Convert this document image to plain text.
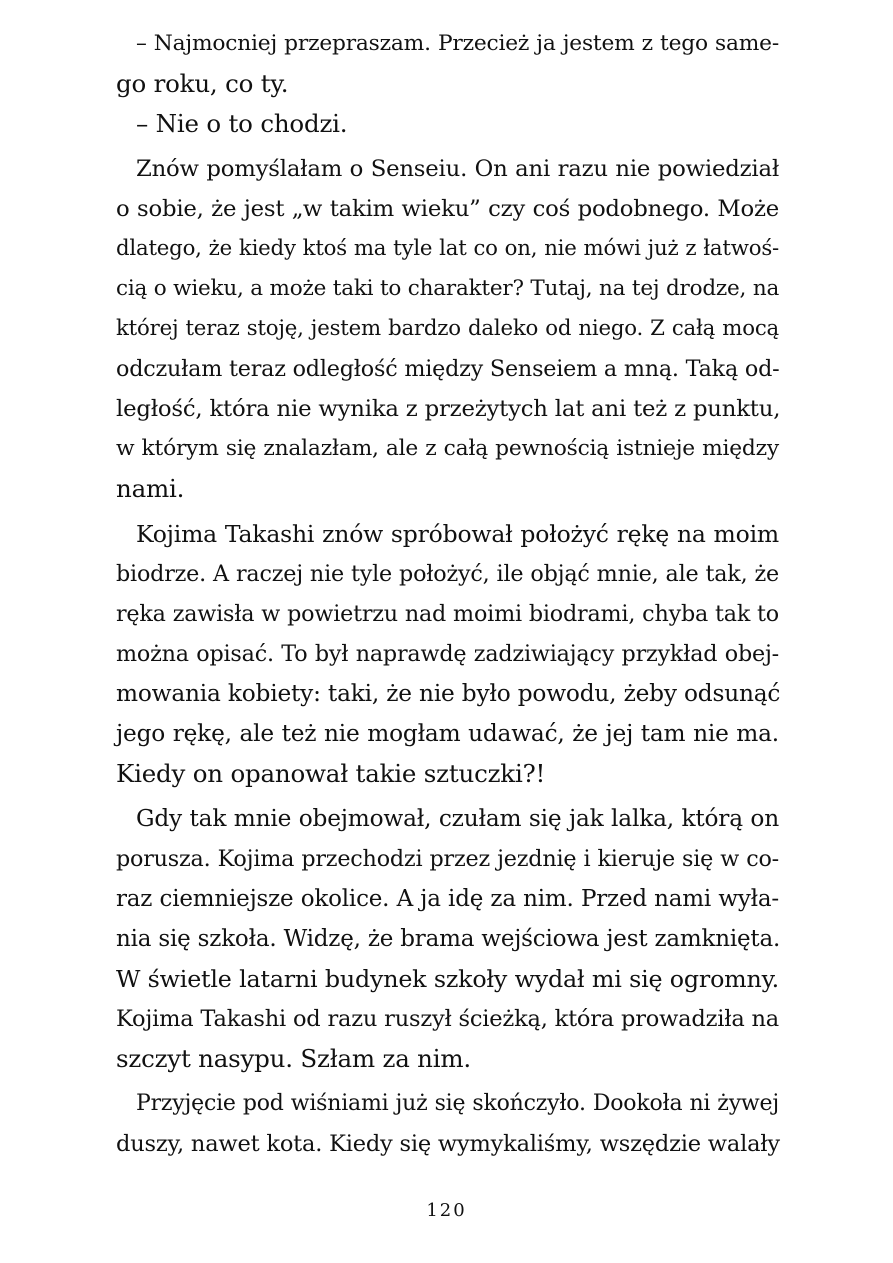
– Najmocniej przepraszam. Przecież ja jestem z tego same-
go roku, co ty.
– Nie o to chodzi.
Znów pomyślałam o Senseiu. On ani razu nie powiedział
o sobie, że jest „w takim wieku” czy coś podobnego. Może
dlatego, że kiedy ktoś ma tyle lat co on, nie mówi już z łatwoś-
cią o wieku, a może taki to charakter? Tutaj, na tej drodze, na
której teraz stoję, jestem bardzo daleko od niego. Z całą mocą
odczułam teraz odległość między Senseiem a mną. Taką od-
ległość, która nie wynika z przeżytych lat ani też z punktu,
w którym się znalazłam, ale z całą pewnością istnieje między
nami.
Kojima Takashi znów spróbował położyć rękę na moim
biodrze. A raczej nie tyle położyć, ile objąć mnie, ale tak, że
ręka zawisła w powietrzu nad moimi biodrami, chyba tak to
można opisać. To był naprawdę zadziwiający przykład obej-
mowania kobiety: taki, że nie było powodu, żeby odsunąć
jego rękę, ale też nie mogłam udawać, że jej tam nie ma.
Kiedy on opanował takie sztuczki?!
Gdy tak mnie obejmował, czułam się jak lalka, którą on
porusza. Kojima przechodzi przez jezdnię i kieruje się w co-
raz ciemniejsze okolice. A ja idę za nim. Przed nami wyła-
nia się szkoła. Widzę, że brama wejściowa jest zamknięta.
W świetle latarni budynek szkoły wydał mi się ogromny.
Kojima Takashi od razu ruszył ścieżką, która prowadziła na
szczyt nasypu. Szłam za nim.
Przyjęcie pod wiśniami już się skończyło. Dookoła ni żywej
duszy, nawet kota. Kiedy się wymykaliśmy, wszędzie walały
120
